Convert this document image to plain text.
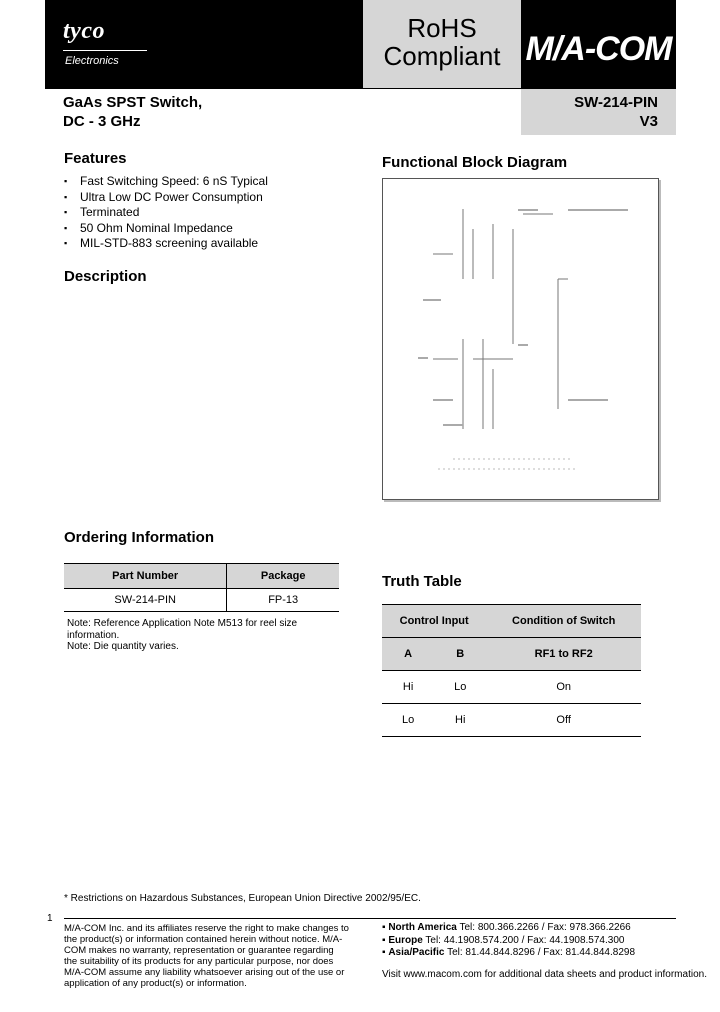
tyco
Electronics
RoHS
Compliant M/A-COM
GaAs SPST Switch,
DC - 3 GHz
SW-214-PIN
V3
Features
▪ Fast Switching Speed: 6 nS Typical
▪ Ultra Low DC Power Consumption
▪ Terminated
▪ 50 Ohm Nominal Impedance
▪ MIL-STD-883 screening available
Description
Functional Block Diagram
Ordering Information
Part Number	Package
SW-214-PIN	FP-13
Note: Reference Application Note M513 for reel size information.
Note: Die quantity varies.
Truth Table
Control Input		Condition of Switch
A	B	RF1 to RF2
Hi	Lo	On
Lo	Hi	Off
* Restrictions on Hazardous Substances, European Union Directive 2002/95/EC.
1
M/A-COM Inc. and its affiliates reserve the right to make changes to the product(s) or information contained herein without notice. M/A-COM makes no warranty, representation or guarantee regarding the suitability of its products for any particular purpose, nor does M/A-COM assume any liability whatsoever arising out of the use or application of any product(s) or information.
▪ North America Tel: 800.366.2266 / Fax: 978.366.2266
▪ Europe Tel: 44.1908.574.200 / Fax: 44.1908.574.300
▪ Asia/Pacific Tel: 81.44.844.8296 / Fax: 81.44.844.8298
Visit www.macom.com for additional data sheets and product information.
